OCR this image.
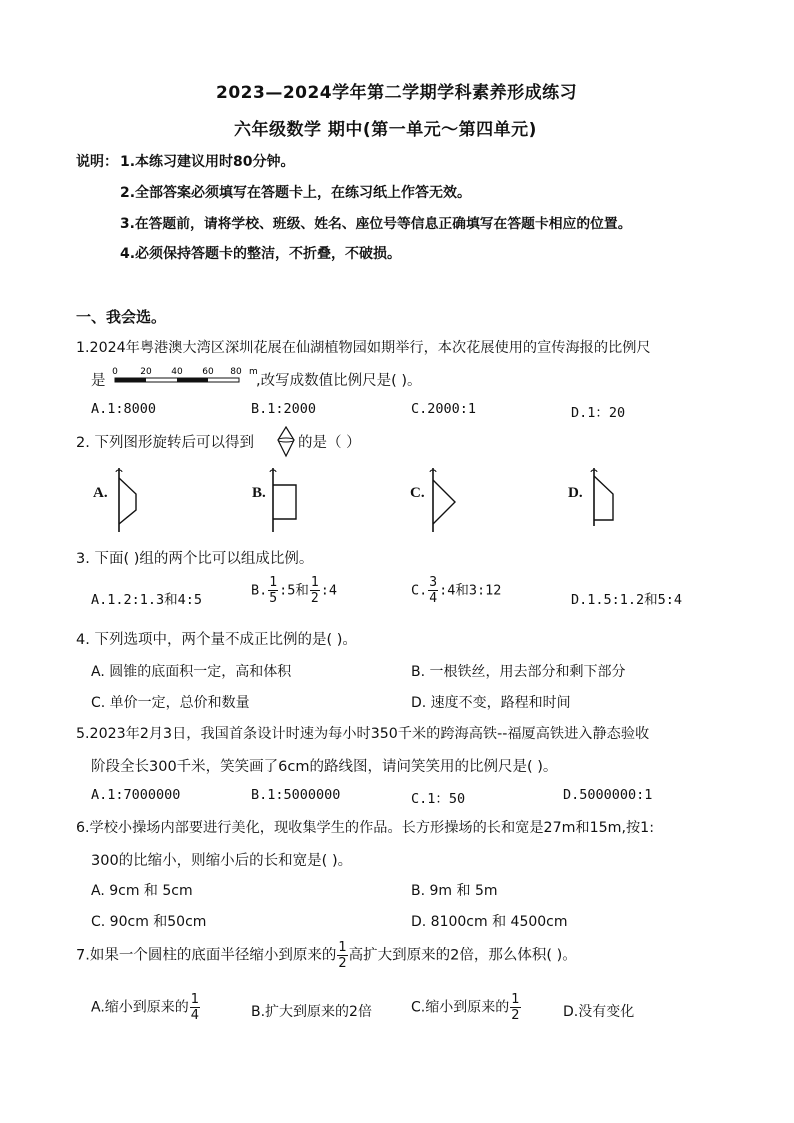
2023—2024学年第二学期学科素养形成练习
六年级数学 期中(第一单元～第四单元)
说明： 1.本练习建议用时80分钟。
2.全部答案必须填写在答题卡上，在练习纸上作答无效。
3.在答题前，请将学校、班级、姓名、座位号等信息正确填写在答题卡相应的位置。
4.必须保持答题卡的整洁，不折叠，不破损。
一、我会选。
1.2024年粤港澳大湾区深圳花展在仙湖植物园如期举行，本次花展使用的宣传海报的比例尺
是
0 20 40 60 80 m
,改写成数值比例尺是( )。
A.1:8000	B.1:2000	C.2000:1	D.1：20
2. 下列图形旋转后可以得到	的是（ ）
A.	B.	C.	D.
3. 下面( )组的两个比可以组成比例。
A.1.2:1.3和4:5
B. $\frac{1}{5}$ :5和 $\frac{1}{2}$ :4	C. $\frac{3}{4}$ :4和3:12
D.1.5:1.2和5:4
4. 下列选项中，两个量不成正比例的是( )。
A. 圆锥的底面积一定，高和体积	B. 一根铁丝，用去部分和剩下部分
C. 单价一定，总价和数量	D. 速度不变，路程和时间
5.2023年2月3日，我国首条设计时速为每小时350千米的跨海高铁--福厦高铁进入静态验收
阶段全长300千米，笑笑画了6cm的路线图，请问笑笑用的比例尺是( )。
A.1:7000000	B.1:5000000	C.1：50	D.5000000:1
6.学校小操场内部要进行美化，现收集学生的作品。长方形操场的长和宽是27m和15m,按1:
300的比缩小，则缩小后的长和宽是( )。
A. 9cm 和 5cm	B. 9m 和 5m
C. 90cm 和50cm	D. 8100cm 和 4500cm
7.如果一个圆柱的底面半径缩小到原来的 $\frac{1}{2}$ 高扩大到原来的2倍，那么体积( )。
A.缩小到原来的 $\frac{1}{4}$	B.扩大到原来的2倍	C.缩小到原来的 $\frac{1}{2}$	D.没有变化
